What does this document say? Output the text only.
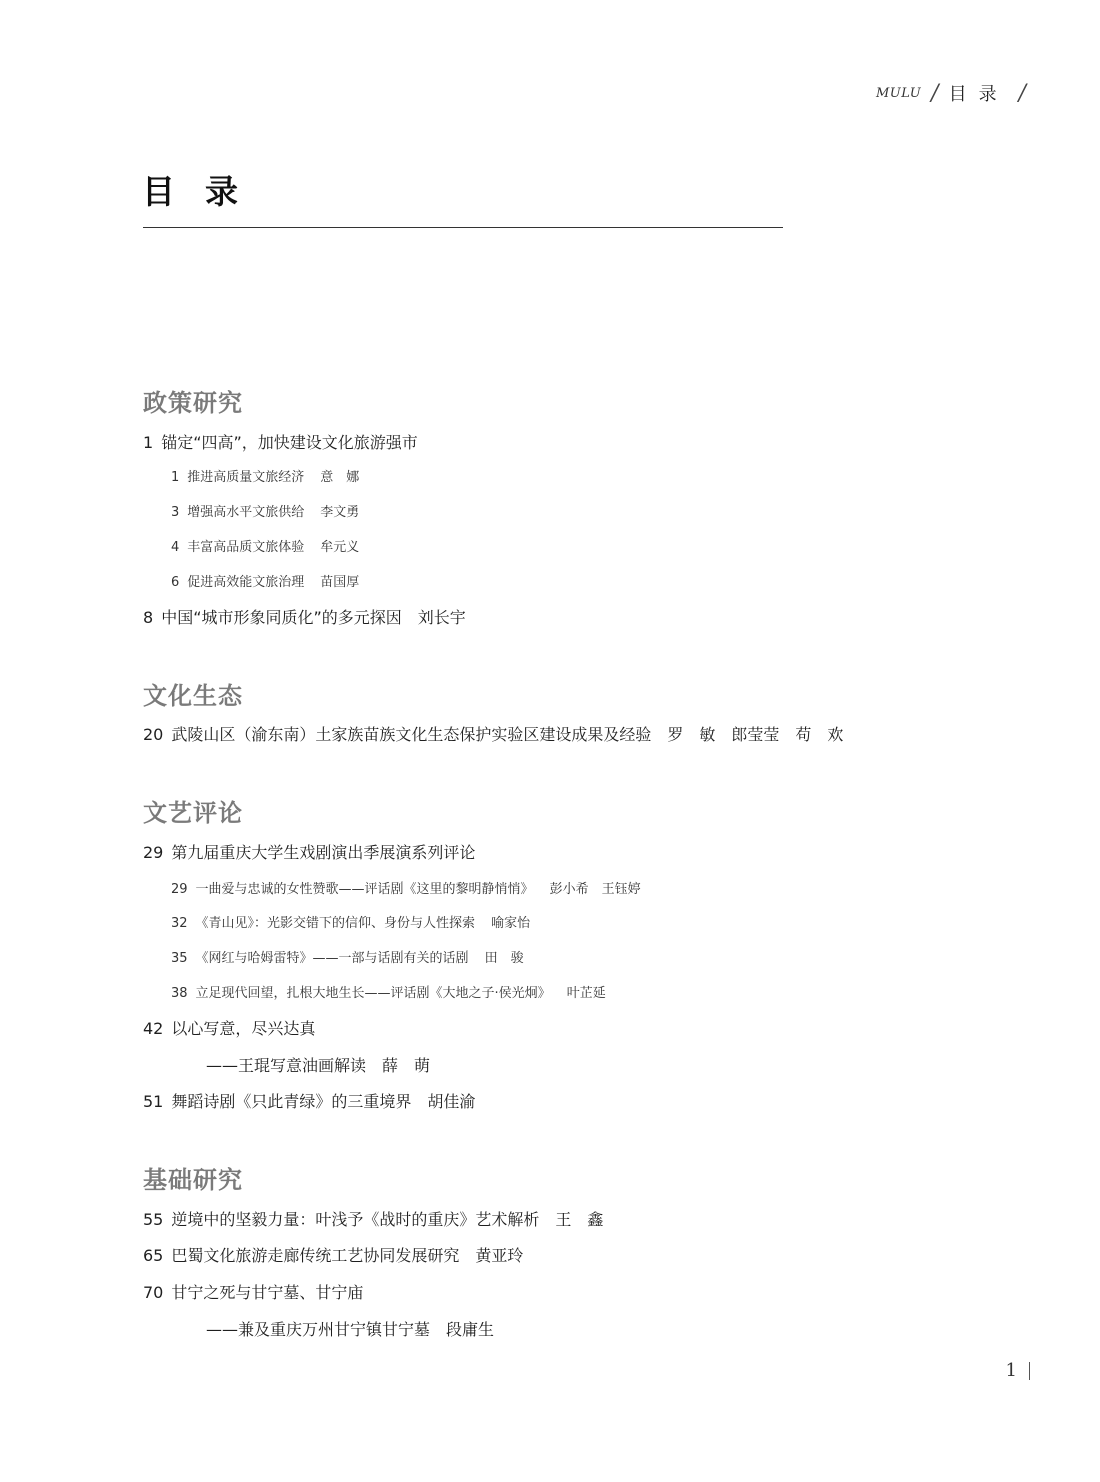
MULU / 目录 /
目录
政策研究
1 锚定“四高”，加快建设文化旅游强市
1 推进高质量文旅经济 意　娜
3 增强高水平文旅供给 李文勇
4 丰富高品质文旅体验 牟元义
6 促进高效能文旅治理 苗国厚
8 中国“城市形象同质化”的多元探因 刘长宇
文化生态
20 武陵山区（渝东南）土家族苗族文化生态保护实验区建设成果及经验 罗　敏　郎莹莹　苟　欢
文艺评论
29 第九届重庆大学生戏剧演出季展演系列评论
29 一曲爱与忠诚的女性赞歌——评话剧《这里的黎明静悄悄》 彭小希　王钰婷
32 《青山见》：光影交错下的信仰、身份与人性探索 喻家怡
35 《网红与哈姆雷特》——一部与话剧有关的话剧 田　骏
38 立足现代回望，扎根大地生长——评话剧《大地之子·侯光炯》 叶芷延
42 以心写意，尽兴达真
——王琨写意油画解读 薛　萌
51 舞蹈诗剧《只此青绿》的三重境界 胡佳渝
基础研究
55 逆境中的坚毅力量：叶浅予《战时的重庆》艺术解析 王　鑫
65 巴蜀文化旅游走廊传统工艺协同发展研究 黄亚玲
70 甘宁之死与甘宁墓、甘宁庙
——兼及重庆万州甘宁镇甘宁墓 段庸生
1
